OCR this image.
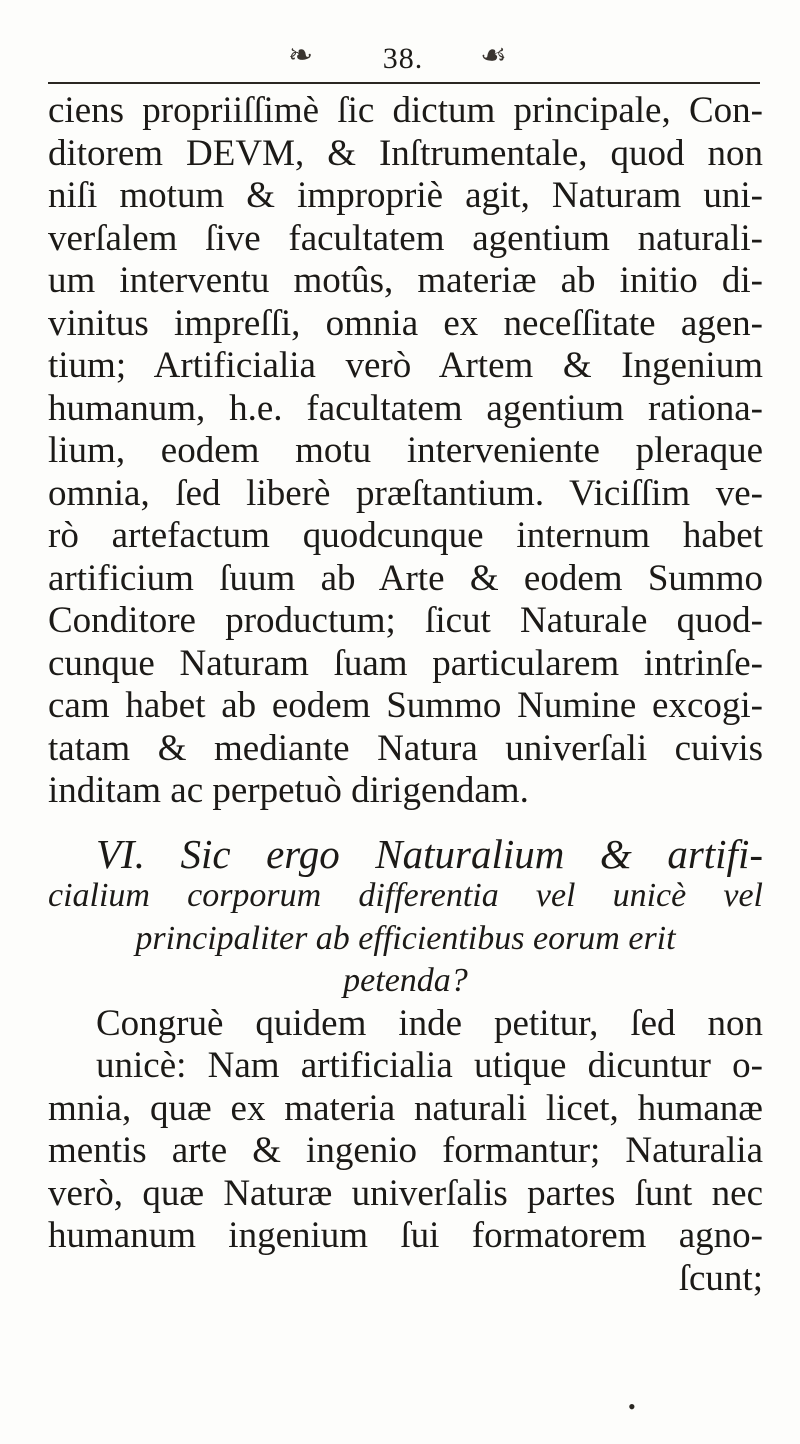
❧	38.	☙
ciens propriiſſimè ſic dictum principale, Con-
ditorem DEVM, & Inſtrumentale, quod non
niſi motum & impropriè agit, Naturam uni-
verſalem ſive facultatem agentium naturali-
um interventu motûs, materiæ ab initio di-
vinitus impreſſi, omnia ex neceſſitate agen-
tium; Artificialia verò Artem & Ingenium
humanum, h.e. facultatem agentium rationa-
lium, eodem motu interveniente pleraque
omnia, ſed liberè præſtantium. Viciſſim ve-
rò artefactum quodcunque internum habet
artificium ſuum ab Arte & eodem Summo
Conditore productum; ſicut Naturale quod-
cunque Naturam ſuam particularem intrinſe-
cam habet ab eodem Summo Numine excogi-
tatam & mediante Natura univerſali cuivis
inditam ac perpetuò dirigendam.
VI. Sic ergo Naturalium & artifi-
cialium corporum differentia vel unicè vel
principaliter ab efficientibus eorum erit
petenda?
Congruè quidem inde petitur, ſed non
unicè: Nam artificialia utique dicuntur o-
mnia, quæ ex materia naturali licet, humanæ
mentis arte & ingenio formantur; Naturalia
verò, quæ Naturæ univerſalis partes ſunt nec
humanum ingenium ſui formatorem agno-
ſcunt;
•
